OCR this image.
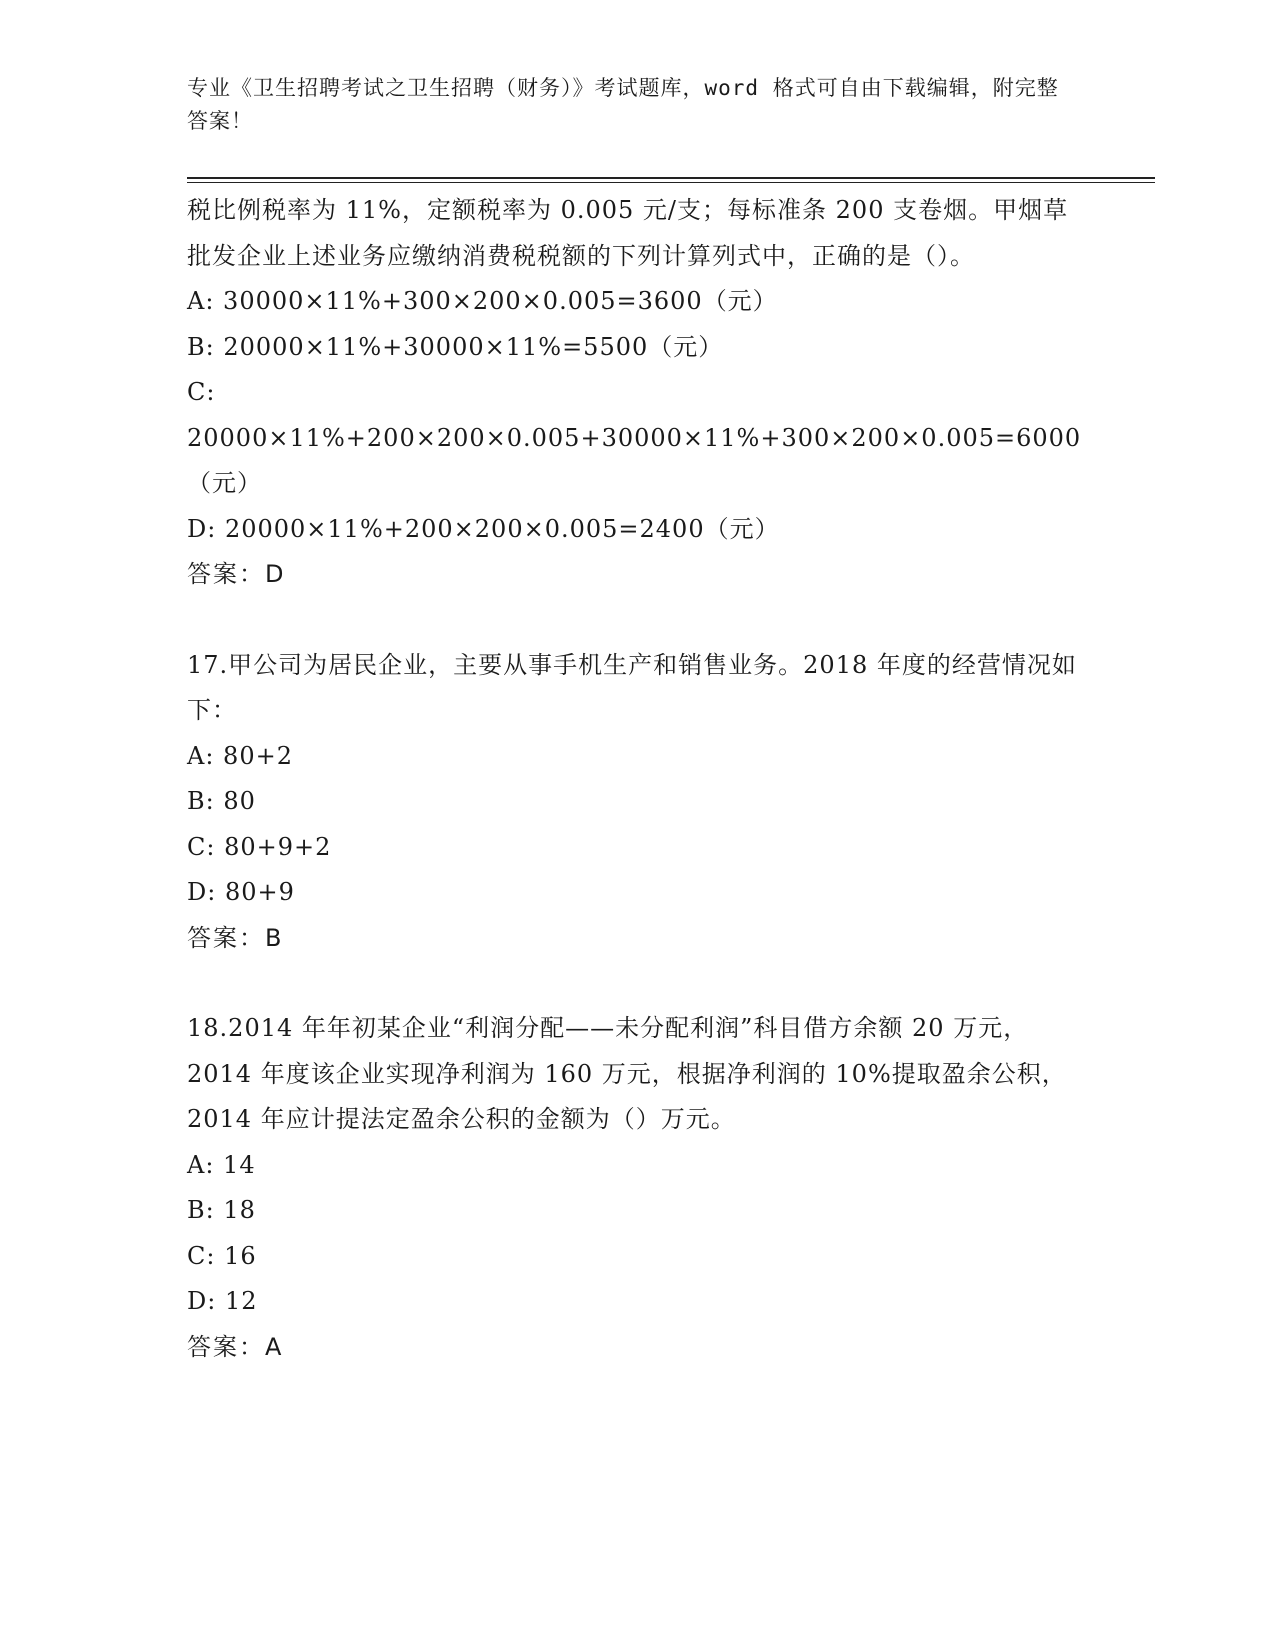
专业《卫生招聘考试之卫生招聘（财务）》考试题库，word 格式可自由下载编辑，附完整答案！

税比例税率为 11%，定额税率为 0.005 元/支；每标准条 200 支卷烟。甲烟草批发企业上述业务应缴纳消费税税额的下列计算列式中，正确的是（）。

A: 30000×11%+300×200×0.005=3600（元）

B: 20000×11%+30000×11%=5500（元）

C: 20000×11%+200×200×0.005+30000×11%+300×200×0.005=6000（元）

D: 20000×11%+200×200×0.005=2400（元）

答案：D

17.甲公司为居民企业，主要从事手机生产和销售业务。2018 年度的经营情况如下：

A: 80+2

B: 80

C: 80+9+2

D: 80+9

答案：B

18.2014 年年初某企业“利润分配——未分配利润”科目借方余额 20 万元，2014 年度该企业实现净利润为 160 万元，根据净利润的 10%提取盈余公积，2014 年应计提法定盈余公积的金额为（）万元。

A: 14

B: 18

C: 16

D: 12

答案：A
